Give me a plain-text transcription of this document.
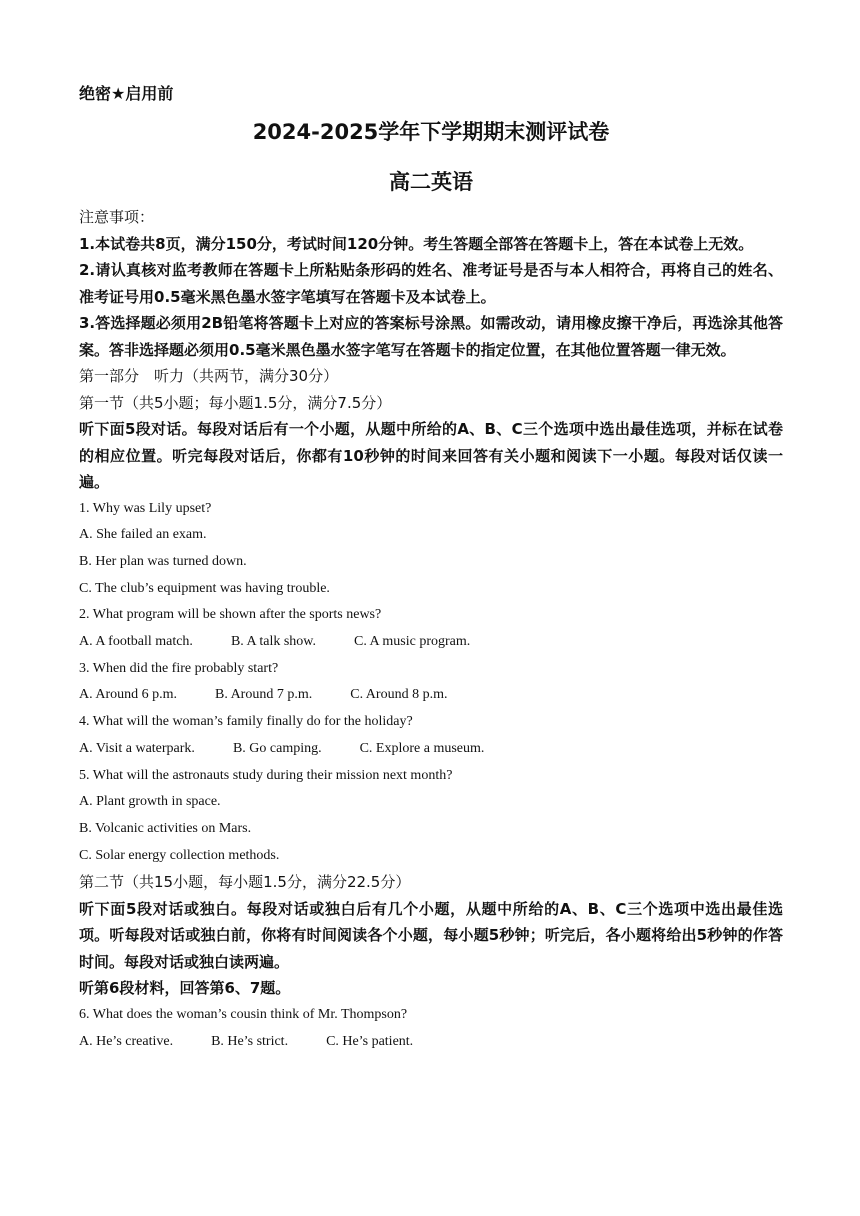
绝密★启用前

2024-2025学年下学期期末测评试卷

高二英语

注意事项：

1.本试卷共8页，满分150分，考试时间120分钟。考生答题全部答在答题卡上，答在本试卷上无效。

2.请认真核对监考教师在答题卡上所粘贴条形码的姓名、准考证号是否与本人相符合，再将自己的姓名、准考证号用0.5毫米黑色墨水签字笔填写在答题卡及本试卷上。

3.答选择题必须用2B铅笔将答题卡上对应的答案标号涂黑。如需改动，请用橡皮擦干净后，再选涂其他答案。答非选择题必须用0.5毫米黑色墨水签字笔写在答题卡的指定位置，在其他位置答题一律无效。

第一部分　听力（共两节，满分30分）

第一节（共5小题；每小题1.5分，满分7.5分）

听下面5段对话。每段对话后有一个小题，从题中所给的A、B、C三个选项中选出最佳选项，并标在试卷的相应位置。听完每段对话后，你都有10秒钟的时间来回答有关小题和阅读下一小题。每段对话仅读一遍。

1. Why was Lily upset?

A. She failed an exam.

B. Her plan was turned down.

C. The club’s equipment was having trouble.

2. What program will be shown after the sports news?

A. A football match.	B. A talk show.	C. A music program.

3. When did the fire probably start?

A. Around 6 p.m.	B. Around 7 p.m.	C. Around 8 p.m.

4. What will the woman’s family finally do for the holiday?

A. Visit a waterpark.	B. Go camping.	C. Explore a museum.

5. What will the astronauts study during their mission next month?

A. Plant growth in space.

B. Volcanic activities on Mars.

C. Solar energy collection methods.

第二节（共15小题，每小题1.5分，满分22.5分）

听下面5段对话或独白。每段对话或独白后有几个小题，从题中所给的A、B、C三个选项中选出最佳选项。听每段对话或独白前，你将有时间阅读各个小题，每小题5秒钟；听完后，各小题将给出5秒钟的作答时间。每段对话或独白读两遍。

听第6段材料，回答第6、7题。

6. What does the woman’s cousin think of Mr. Thompson?

A. He’s creative.	B. He’s strict.	C. He’s patient.
